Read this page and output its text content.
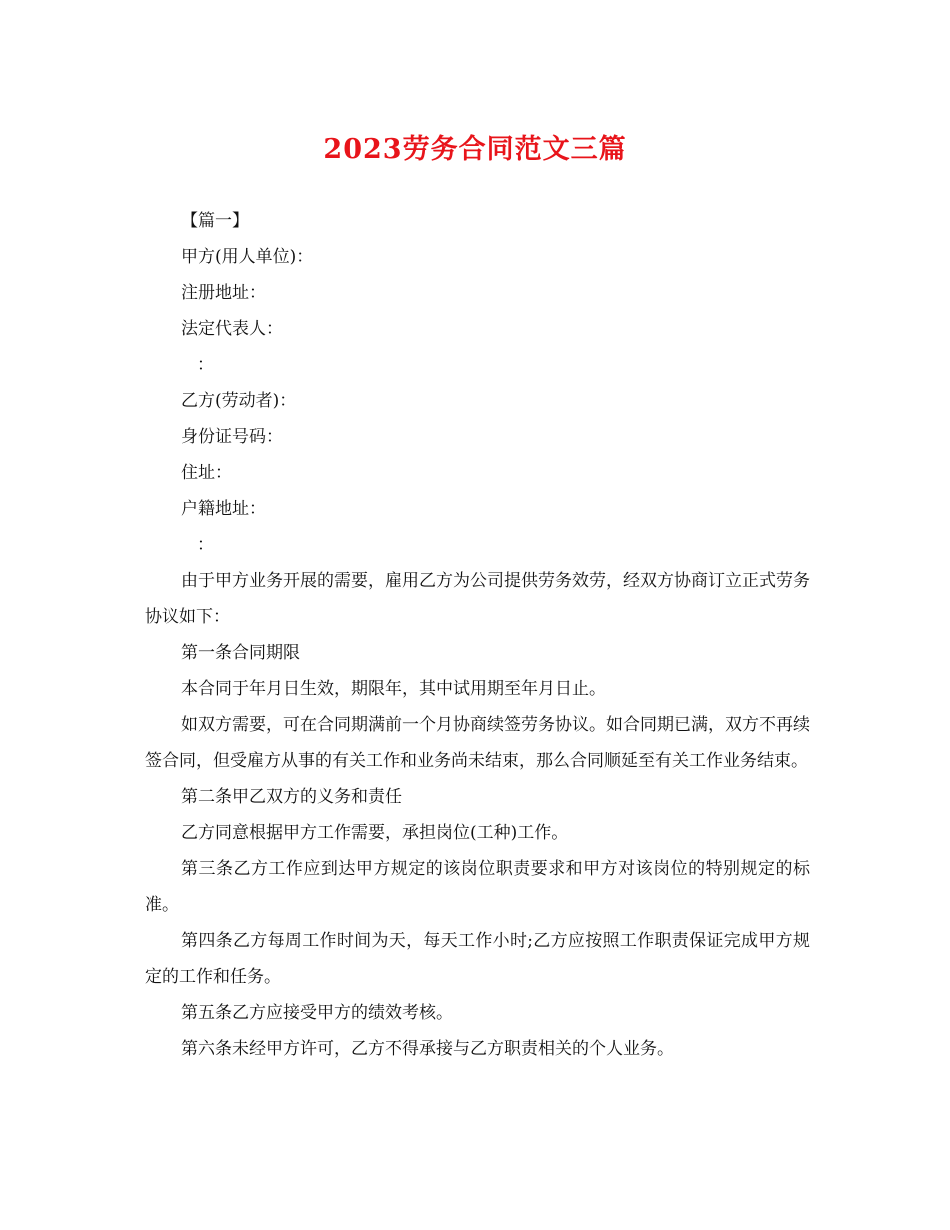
2023劳务合同范文三篇

【篇一】

甲方(用人单位)：

注册地址：

法定代表人：

：

乙方(劳动者)：

身份证号码：

住址：

户籍地址：

：

由于甲方业务开展的需要，雇用乙方为公司提供劳务效劳，经双方协商订立正式劳务协议如下：

第一条合同期限

本合同于年月日生效，期限年，其中试用期至年月日止。

如双方需要，可在合同期满前一个月协商续签劳务协议。如合同期已满，双方不再续签合同，但受雇方从事的有关工作和业务尚未结束，那么合同顺延至有关工作业务结束。

第二条甲乙双方的义务和责任

乙方同意根据甲方工作需要，承担岗位(工种)工作。

第三条乙方工作应到达甲方规定的该岗位职责要求和甲方对该岗位的特别规定的标准。

第四条乙方每周工作时间为天，每天工作小时;乙方应按照工作职责保证完成甲方规定的工作和任务。

第五条乙方应接受甲方的绩效考核。

第六条未经甲方许可，乙方不得承接与乙方职责相关的个人业务。
